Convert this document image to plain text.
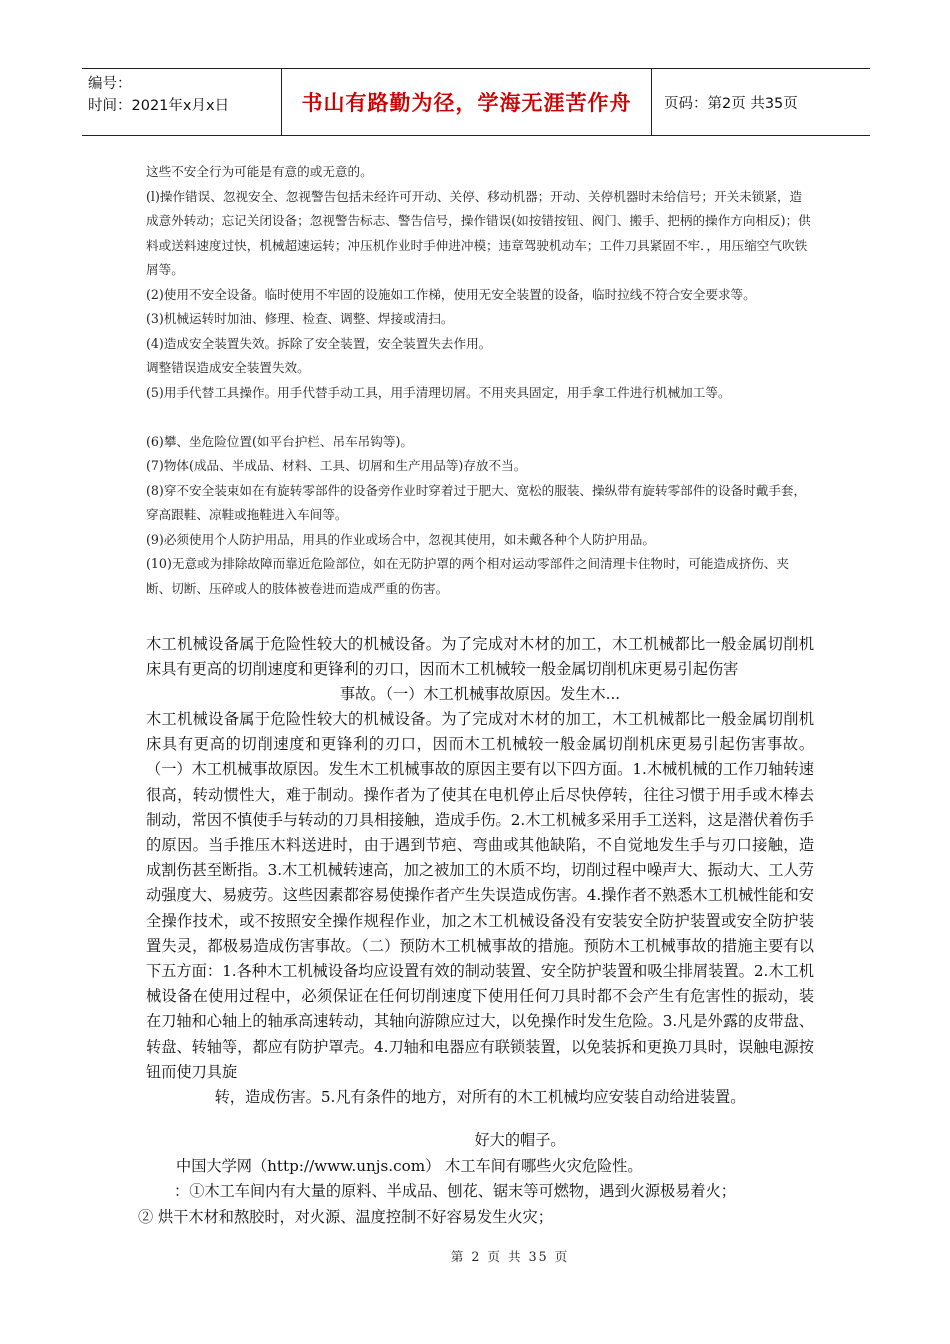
编号：
时间：2021年x月x日	书山有路勤为径，学海无涯苦作舟	页码：第2页 共35页

这些不安全行为可能是有意的或无意的。

(l)操作错误、忽视安全、忽视警告包括未经许可开动、关停、移动机器；开动、关停机器时未给信号；开关未锁紧，造成意外转动；忘记关闭设备；忽视警告标志、警告信号，操作错误(如按错按钮、阀门、搬手、把柄的操作方向相反)；供料或送料速度过快，机械超速运转；冲压机作业时手伸进冲模；违章驾驶机动车；工件刀具紧固不牢．，用压缩空气吹铁屑等。

(2)使用不安全设备。临时使用不牢固的设施如工作梯，使用无安全装置的设备，临时拉线不符合安全要求等。

(3)机械运转时加油、修理、检查、调整、焊接或清扫。

(4)造成安全装置失效。拆除了安全装置，安全装置失去作用。

调整错误造成安全装置失效。

(5)用手代替工具操作。用手代替手动工具，用手清理切屑。不用夹具固定，用手拿工件进行机械加工等。

(6)攀、坐危险位置(如平台护栏、吊车吊钩等)。

(7)物体(成品、半成品、材料、工具、切屑和生产用品等)存放不当。

(8)穿不安全装束如在有旋转零部件的设备旁作业时穿着过于肥大、宽松的服装、操纵带有旋转零部件的设备时戴手套，穿高跟鞋、凉鞋或拖鞋进入车间等。

(9)必须使用个人防护用品，用具的作业或场合中，忽视其使用，如未戴各种个人防护用品。

(10)无意或为排除故障而靠近危险部位，如在无防护罩的两个相对运动零部件之间清理卡住物时，可能造成挤伤、夹断、切断、压碎或人的肢体被卷进而造成严重的伤害。

木工机械设备属于危险性较大的机械设备。为了完成对木材的加工，木工机械都比一般金属切削机床具有更高的切削速度和更锋利的刃口，因而木工机械较一般金属切削机床更易引起伤害

事故。（一）木工机械事故原因。发生木...

木工机械设备属于危险性较大的机械设备。为了完成对木材的加工，木工机械都比一般金属切削机床具有更高的切削速度和更锋利的刃口，因而木工机械较一般金属切削机床更易引起伤害事故。（一）木工机械事故原因。发生木工机械事故的原因主要有以下四方面。1.木械机械的工作刀轴转速很高，转动惯性大，难于制动。操作者为了使其在电机停止后尽快停转，往往习惯于用手或木棒去制动，常因不慎使手与转动的刀具相接触，造成手伤。2.木工机械多采用手工送料，这是潜伏着伤手的原因。当手推压木料送进时，由于遇到节疤、弯曲或其他缺陷，不自觉地发生手与刃口接触，造成割伤甚至断指。3.木工机械转速高，加之被加工的木质不均，切削过程中噪声大、振动大、工人劳动强度大、易疲劳。这些因素都容易使操作者产生失误造成伤害。4.操作者不熟悉木工机械性能和安全操作技术，或不按照安全操作规程作业，加之木工机械设备没有安装安全防护装置或安全防护装置失灵，都极易造成伤害事故。（二）预防木工机械事故的措施。预防木工机械事故的措施主要有以下五方面：1.各种木工机械设备均应设置有效的制动装置、安全防护装置和吸尘排屑装置。2.木工机械设备在使用过程中，必须保证在任何切削速度下使用任何刀具时都不会产生有危害性的振动，装在刀轴和心轴上的轴承高速转动，其轴向游隙应过大，以免操作时发生危险。3.凡是外露的皮带盘、转盘、转轴等，都应有防护罩壳。4.刀轴和电器应有联锁装置，以免装拆和更换刀具时，误触电源按钮而使刀具旋

转，造成伤害。5.凡有条件的地方，对所有的木工机械均应安装自动给进装置。

好大的帽子。

中国大学网（http://www.unjs.com） 木工车间有哪些火灾危险性。

：①木工车间内有大量的原料、半成品、刨花、锯末等可燃物，遇到火源极易着火；

② 烘干木材和熬胶时，对火源、温度控制不好容易发生火灾；

第 2 页 共 35 页
